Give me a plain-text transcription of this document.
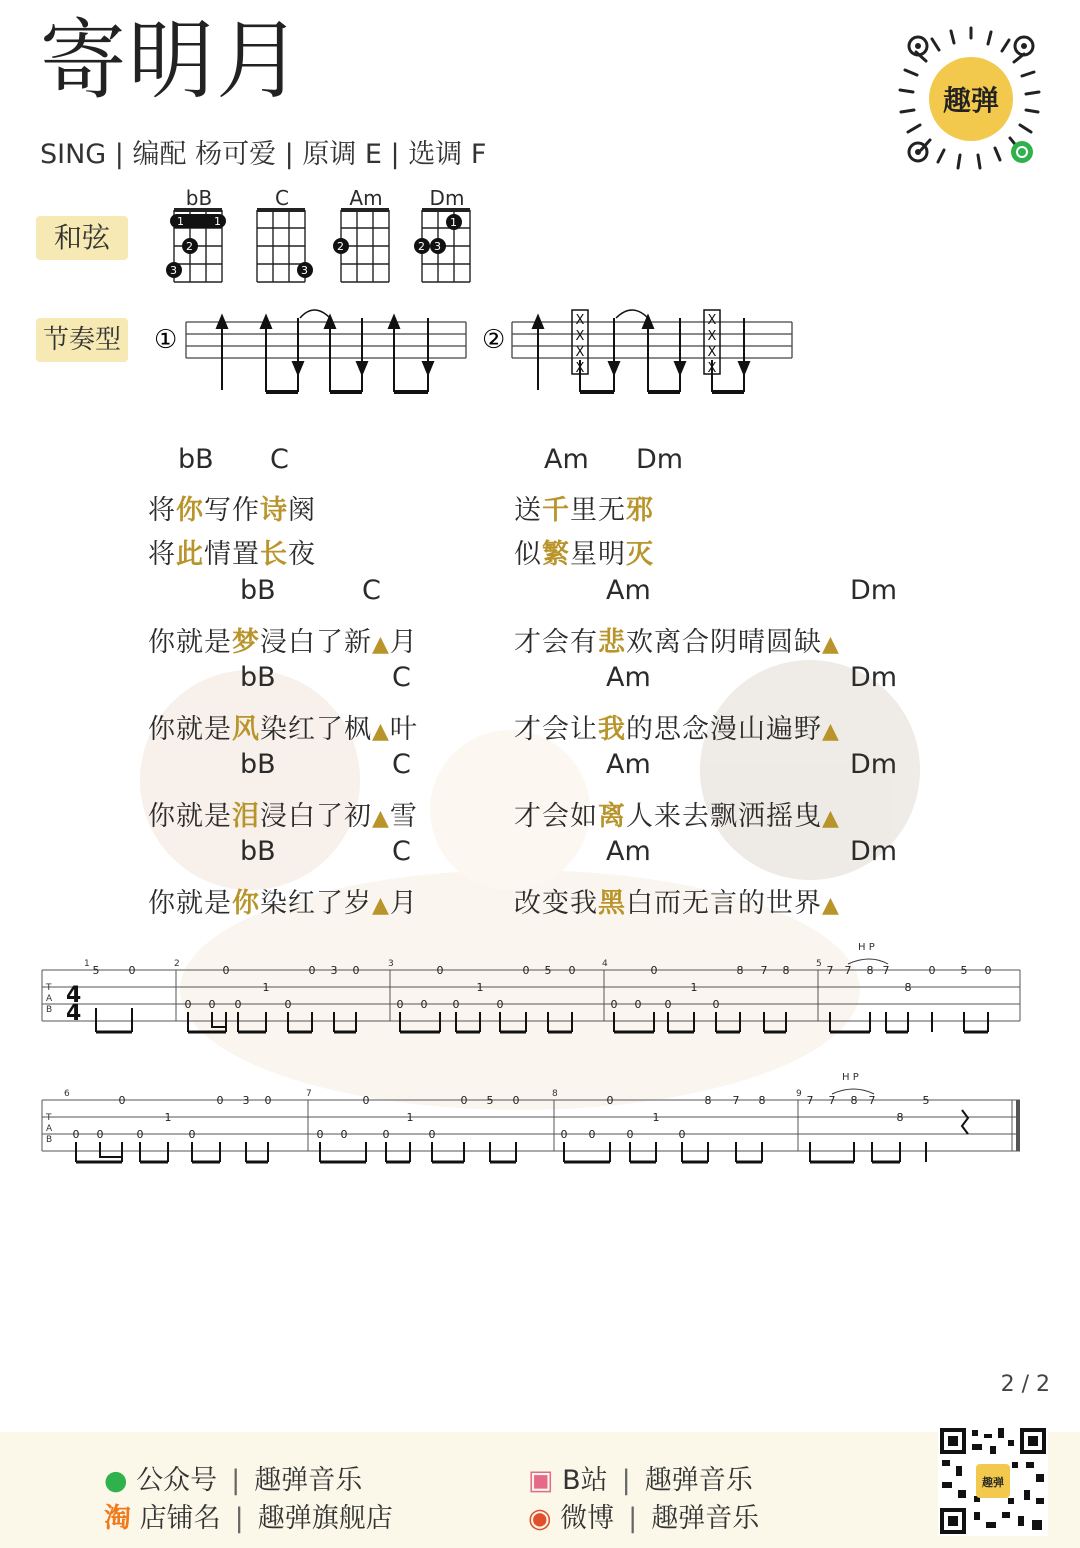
寄明月
SING | 编配 杨可爱 | 原调 E | 选调 F
趣弹
和弦
节奏型
bB	C	Am	Dm
1	1
2
3	3
2
1
2 3
①	②
X
X
X
X
X
X
X
X
bB C	Am Dm
将你写作诗阕	送千里无邪
将此情置长夜	似繁星明灭
bB	C	Am	Dm
你就是梦浸白了新▲月	才会有悲欢离合阴晴圆缺▲
bB	C	Am	Dm
你就是风染红了枫▲叶	才会让我的思念漫山遍野▲
bB	C	Am	Dm
你就是泪浸白了初▲雪	才会如离人来去飘洒摇曳▲
bB	C	Am	Dm
你就是你染红了岁▲月	改变我黑白而无言的世界▲
T
A
B
1	2	3	4	5
H P
4
4
5	0
0 0
0
0
1
0
0 3 0
0 0
0
0
1
0
0 5 0
0 0
0
0
1
0
8 7 8	7 7 8 7
8
0 5 0
T
A
B
6	7	8	9
H P
0 0
0
0
1
0
0 3 0
0 0
0
0
1
0
0 5 0
0 0
0
0
1
0
8 7 8	7 7 8 7
8
5
2 / 2
● 公众号 | 趣弹音乐
淘 店铺名 | 趣弹旗舰店
▣ B站 | 趣弹音乐
◉ 微博 | 趣弹音乐
趣弹
